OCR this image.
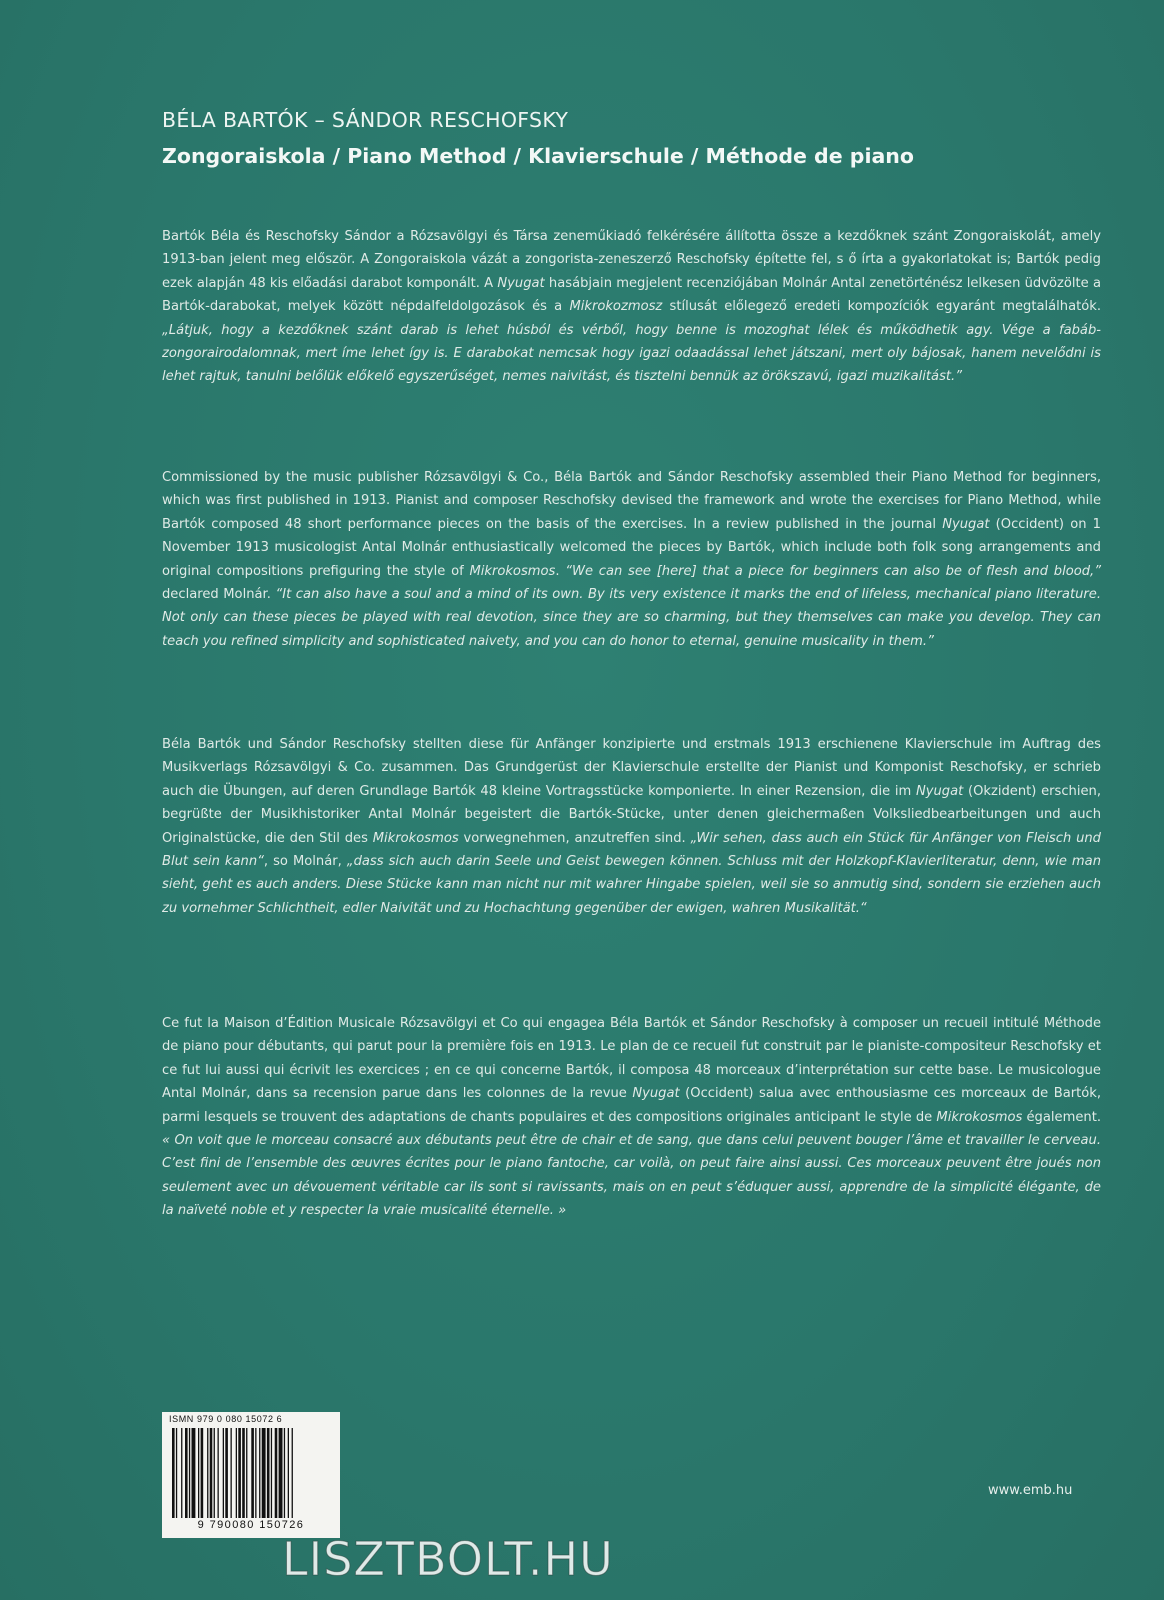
BÉLA BARTÓK – SÁNDOR RESCHOFSKY
Zongoraiskola / Piano Method / Klavierschule / Méthode de piano

Bartók Béla és Reschofsky Sándor a Rózsavölgyi és Társa zeneműkiadó felkérésére állította össze a kezdőknek szánt Zongoraiskolát, amely 1913-ban jelent meg először. A Zongoraiskola vázát a zongorista-zeneszerző Reschofsky építette fel, s ő írta a gyakorlatokat is; Bartók pedig ezek alapján 48 kis előadási darabot komponált. A Nyugat hasábjain megjelent recenziójában Molnár Antal zenetörténész lelkesen üdvözölte a Bartók-darabokat, melyek között népdalfeldolgozások és a Mikrokozmosz stílusát előlegező eredeti kompozíciók egyaránt megtalálhatók. „Látjuk, hogy a kezdőknek szánt darab is lehet húsból és vérből, hogy benne is mozoghat lélek és működhetik agy. Vége a fabáb-zongorairodalomnak, mert íme lehet így is. E darabokat nemcsak hogy igazi odaadással lehet játszani, mert oly bájosak, hanem nevelődni is lehet rajtuk, tanulni belőlük előkelő egyszerűséget, nemes naivitást, és tisztelni bennük az örökszavú, igazi muzikalitást.”

Commissioned by the music publisher Rózsavölgyi & Co., Béla Bartók and Sándor Reschofsky assembled their Piano Method for beginners, which was first published in 1913. Pianist and composer Reschofsky devised the framework and wrote the exercises for Piano Method, while Bartók composed 48 short performance pieces on the basis of the exercises. In a review published in the journal Nyugat (Occident) on 1 November 1913 musicologist Antal Molnár enthusiastically welcomed the pieces by Bartók, which include both folk song arrangements and original compositions prefiguring the style of Mikrokosmos. “We can see [here] that a piece for beginners can also be of flesh and blood,” declared Molnár. “It can also have a soul and a mind of its own. By its very existence it marks the end of lifeless, mechanical piano literature. Not only can these pieces be played with real devotion, since they are so charming, but they themselves can make you develop. They can teach you refined simplicity and sophisticated naivety, and you can do honor to eternal, genuine musicality in them.”

Béla Bartók und Sándor Reschofsky stellten diese für Anfänger konzipierte und erstmals 1913 erschienene Klavierschule im Auftrag des Musikverlags Rózsavölgyi & Co. zusammen. Das Grundgerüst der Klavierschule erstellte der Pianist und Komponist Reschofsky, er schrieb auch die Übungen, auf deren Grundlage Bartók 48 kleine Vortragsstücke komponierte. In einer Rezension, die im Nyugat (Okzident) erschien, begrüßte der Musikhistoriker Antal Molnár begeistert die Bartók-Stücke, unter denen gleichermaßen Volksliedbearbeitungen und auch Originalstücke, die den Stil des Mikrokosmos vorwegnehmen, anzutreffen sind. „Wir sehen, dass auch ein Stück für Anfänger von Fleisch und Blut sein kann“, so Molnár, „dass sich auch darin Seele und Geist bewegen können. Schluss mit der Holzkopf-Klavierliteratur, denn, wie man sieht, geht es auch anders. Diese Stücke kann man nicht nur mit wahrer Hingabe spielen, weil sie so anmutig sind, sondern sie erziehen auch zu vornehmer Schlichtheit, edler Naivität und zu Hochachtung gegenüber der ewigen, wahren Musikalität.“

Ce fut la Maison d’Édition Musicale Rózsavölgyi et Co qui engagea Béla Bartók et Sándor Reschofsky à composer un recueil intitulé Méthode de piano pour débutants, qui parut pour la première fois en 1913. Le plan de ce recueil fut construit par le pianiste-compositeur Reschofsky et ce fut lui aussi qui écrivit les exercices ; en ce qui concerne Bartók, il composa 48 morceaux d’interprétation sur cette base. Le musicologue Antal Molnár, dans sa recension parue dans les colonnes de la revue Nyugat (Occident) salua avec enthousiasme ces morceaux de Bartók, parmi lesquels se trouvent des adaptations de chants populaires et des compositions originales anticipant le style de Mikrokosmos également. « On voit que le morceau consacré aux débutants peut être de chair et de sang, que dans celui peuvent bouger l’âme et travailler le cerveau. C’est fini de l’ensemble des œuvres écrites pour le piano fantoche, car voilà, on peut faire ainsi aussi. Ces morceaux peuvent être joués non seulement avec un dévouement véritable car ils sont si ravissants, mais on en peut s’éduquer aussi, apprendre de la simplicité élégante, de la naïveté noble et y respecter la vraie musicalité éternelle. »

ISMN 979 0 080 15072 6
9 790080 150726
www.emb.hu
LISZTBOLT.HU
